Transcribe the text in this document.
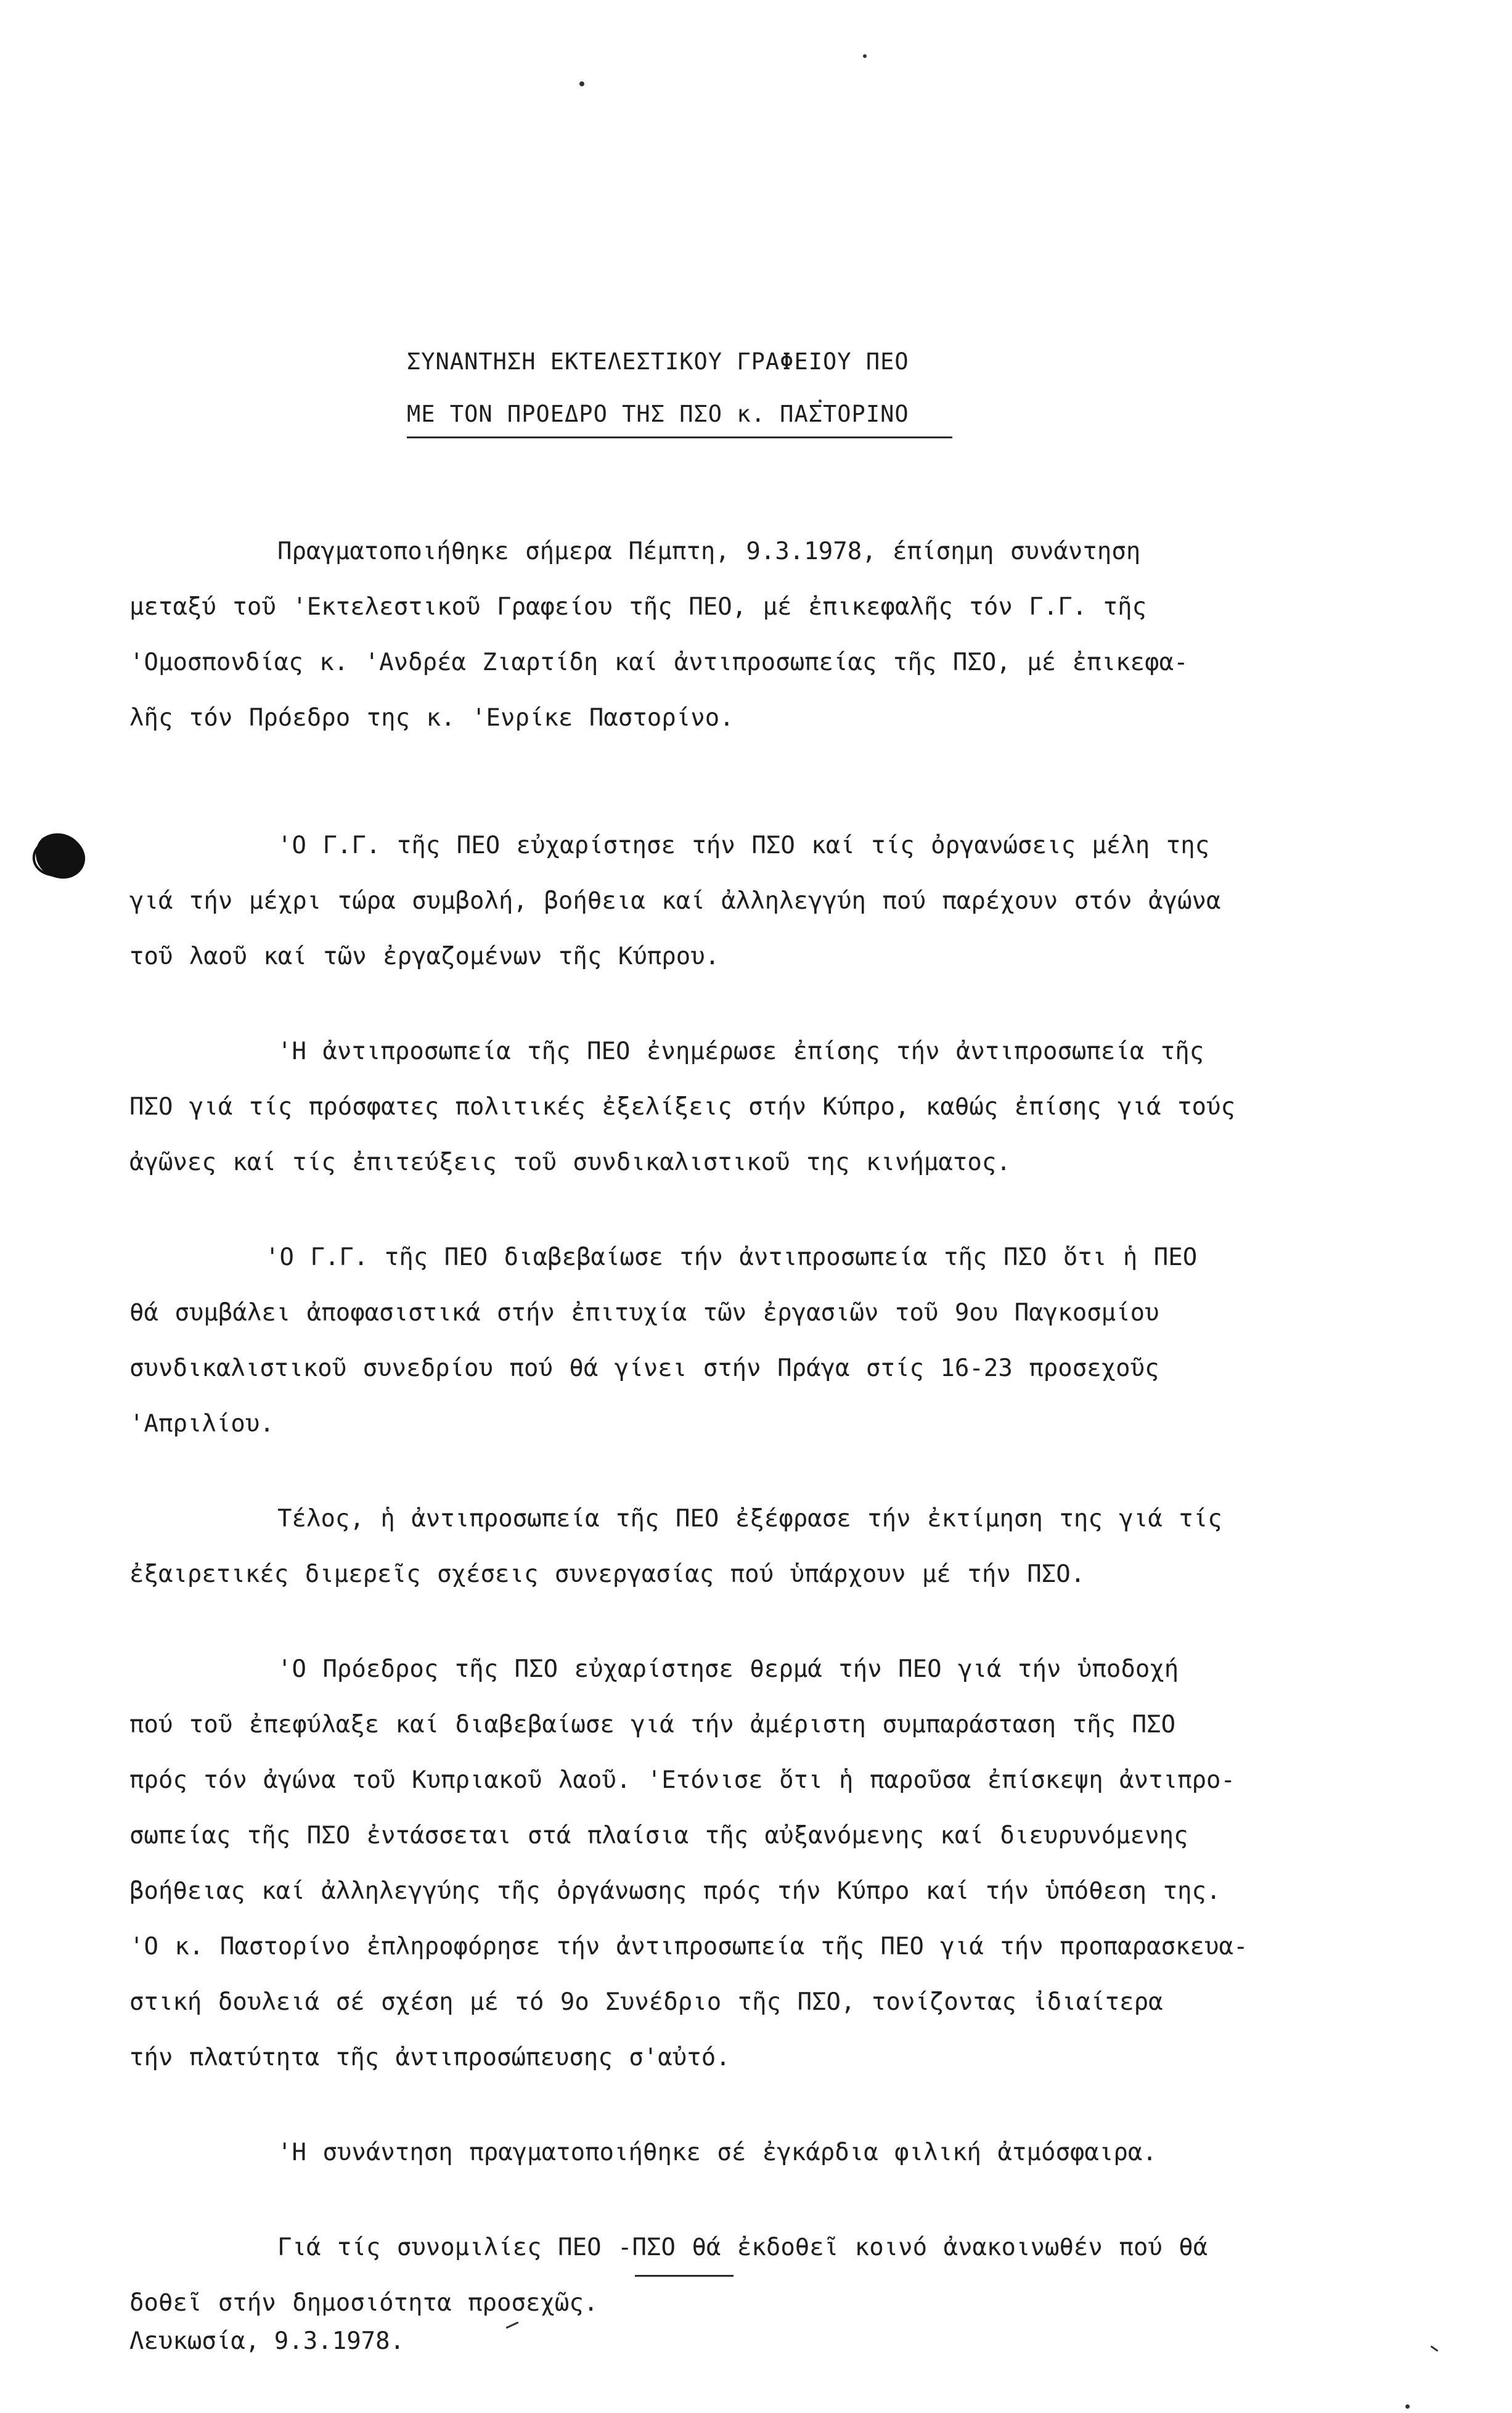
ΣΥΝΑΝΤΗΣΗ ΕΚΤΕΛΕΣΤΙΚΟΥ ΓΡΑΦΕΙΟΥ ΠΕΟ
ΜΕ ΤΟΝ ΠΡΟΕΔΡΟ ΤΗΣ ΠΣΟ κ. ΠΑΣΤΟΡΙΝΟ

Πραγματοποιήθηκε σήμερα Πέμπτη, 9.3.1978, έπίσημη συνάντηση
μεταξύ τοῦ 'Εκτελεστικοῦ Γραφείου τῆς ΠΕΟ, μέ ἐπικεφαλῆς τόν Γ.Γ. τῆς
'Ομοσπονδίας κ. 'Ανδρέα Ζιαρτίδη καί ἀντιπροσωπείας τῆς ΠΣΟ, μέ ἐπικεφα-
λῆς τόν Πρόεδρο της κ. 'Ενρίκε Παστορίνο.

'Ο Γ.Γ. τῆς ΠΕΟ εὐχαρίστησε τήν ΠΣΟ καί τίς ὀργανώσεις μέλη της
γιά τήν μέχρι τώρα συμβολή, βοήθεια καί ἀλληλεγγύη πού παρέχουν στόν ἀγώνα
τοῦ λαοῦ καί τῶν ἐργαζομένων τῆς Κύπρου.

'Η ἀντιπροσωπεία τῆς ΠΕΟ ἐνημέρωσε ἐπίσης τήν ἀντιπροσωπεία τῆς
ΠΣΟ γιά τίς πρόσφατες πολιτικές ἐξελίξεις στήν Κύπρο, καθώς ἐπίσης γιά τούς
ἀγῶνες καί τίς ἐπιτεύξεις τοῦ συνδικαλιστικοῦ της κινήματος.

'Ο Γ.Γ. τῆς ΠΕΟ διαβεβαίωσε τήν ἀντιπροσωπεία τῆς ΠΣΟ ὅτι ἡ ΠΕΟ
θά συμβάλει ἀποφασιστικά στήν ἐπιτυχία τῶν ἐργασιῶν τοῦ 9ου Παγκοσμίου
συνδικαλιστικοῦ συνεδρίου πού θά γίνει στήν Πράγα στίς 16-23 προσεχοῦς
'Απριλίου.

Τέλος, ἡ ἀντιπροσωπεία τῆς ΠΕΟ ἐξέφρασε τήν ἐκτίμηση της γιά τίς
ἐξαιρετικές διμερεῖς σχέσεις συνεργασίας πού ὑπάρχουν μέ τήν ΠΣΟ.

'Ο Πρόεδρος τῆς ΠΣΟ εὐχαρίστησε θερμά τήν ΠΕΟ γιά τήν ὑποδοχή
πού τοῦ ἐπεφύλαξε καί διαβεβαίωσε γιά τήν ἀμέριστη συμπαράσταση τῆς ΠΣΟ
πρός τόν ἀγώνα τοῦ Κυπριακοῦ λαοῦ. 'Ετόνισε ὅτι ἡ παροῦσα ἐπίσκεψη ἀντιπρο-
σωπείας τῆς ΠΣΟ ἐντάσσεται στά πλαίσια τῆς αὐξανόμενης καί διευρυνόμενης
βοήθειας καί ἀλληλεγγύης τῆς ὀργάνωσης πρός τήν Κύπρο καί τήν ὑπόθεση της.
'Ο κ. Παστορίνο ἐπληροφόρησε τήν ἀντιπροσωπεία τῆς ΠΕΟ γιά τήν προπαρασκευα-
στική δουλειά σέ σχέση μέ τό 9ο Συνέδριο τῆς ΠΣΟ, τονίζοντας ἰδιαίτερα
τήν πλατύτητα τῆς ἀντιπροσώπευσης σ'αὐτό.

'Η συνάντηση πραγματοποιήθηκε σέ ἐγκάρδια φιλική ἀτμόσφαιρα.

Γιά τίς συνομιλίες ΠΕΟ -ΠΣΟ θά ἐκδοθεῖ κοινό ἀνακοινωθέν πού θά
δοθεῖ στήν δημοσιότητα προσεχῶς.

Λευκωσία, 9.3.1978.
